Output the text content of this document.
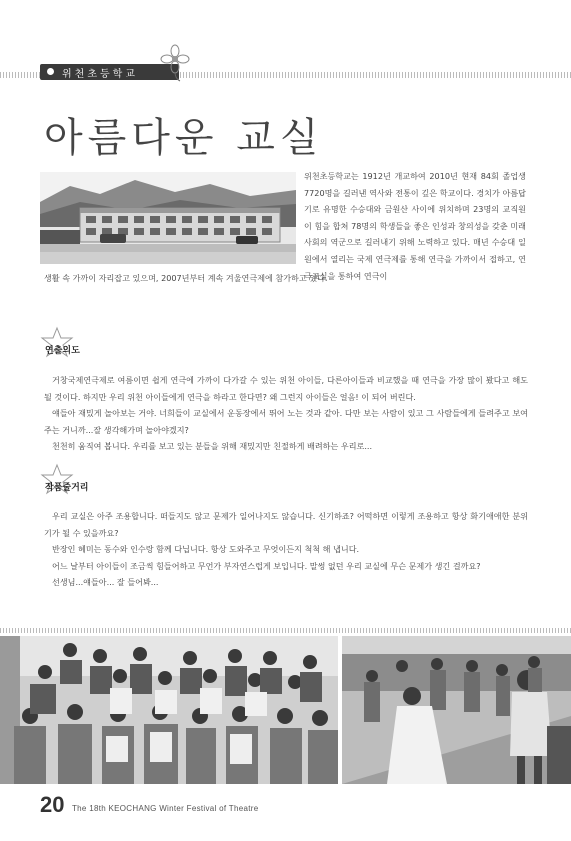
위천초등학교
아름다운 교실
위천초등학교는 1912년 개교하여 2010년 현재 84회 졸업생 7720명을 길러낸 역사와 전통이 깊은 학교이다. 경치가 아름답기로 유명한 수승대와 금원산 사이에 위치하며 23명의 교직원이 힘을 합쳐 78명의 학생들을 좋은 인성과 창의성을 갖춘 미래사회의 역군으로 길러내기 위해 노력하고 있다. 매년 수승대 일원에서 열리는 국제 연극제를 통해 연극을 가까이서 접하고, 연극교실을 통하여 연극이
생활 속 가까이 자리잡고 있으며, 2007년부터 계속 겨울연극제에 참가하고 있다.
연출의도

거창국제연극제로 여름이면 쉽게 연극에 가까이 다가갈 수 있는 위천 아이들, 다른아이들과 비교했을 때 연극을 가장 많이 봤다고 해도 될 것이다. 하지만 우리 위천 아이들에게 연극을 하라고 한다면? 왜 그런지 아이들은 얼음! 이 되어 버린다.

얘들아 재밌게 놀아보는 거야. 너희들이 교실에서 운동장에서 뛰어 노는 것과 같아. 다만 보는 사람이 있고 그 사람들에게 들려주고 보여주는 거니까...잘 생각해가며 놀아야겠지?

천천히 움직여 봅니다. 우리를 보고 있는 분들을 위해 재밌지만 친절하게 배려하는 우리로...

작품줄거리

우리 교실은 아주 조용합니다. 떠들지도 않고 문제가 일어나지도 않습니다. 신기하죠? 어떡하면 이렇게 조용하고 항상 화기애애한 분위기가 될 수 있을까요?

반장인 혜미는 동수와 인수랑 함께 다닙니다. 항상 도와주고 무엇이든지 척척 해 냅니다.

어느 날부터 아이들이 조금씩 힘들어하고 무언가 부자연스럽게 보입니다. 말썽 없던 우리 교실에 무슨 문제가 생긴 걸까요?

선생님...얘들아... 잘 들어봐...

20 The 18th KEOCHANG Winter Festival of Theatre
